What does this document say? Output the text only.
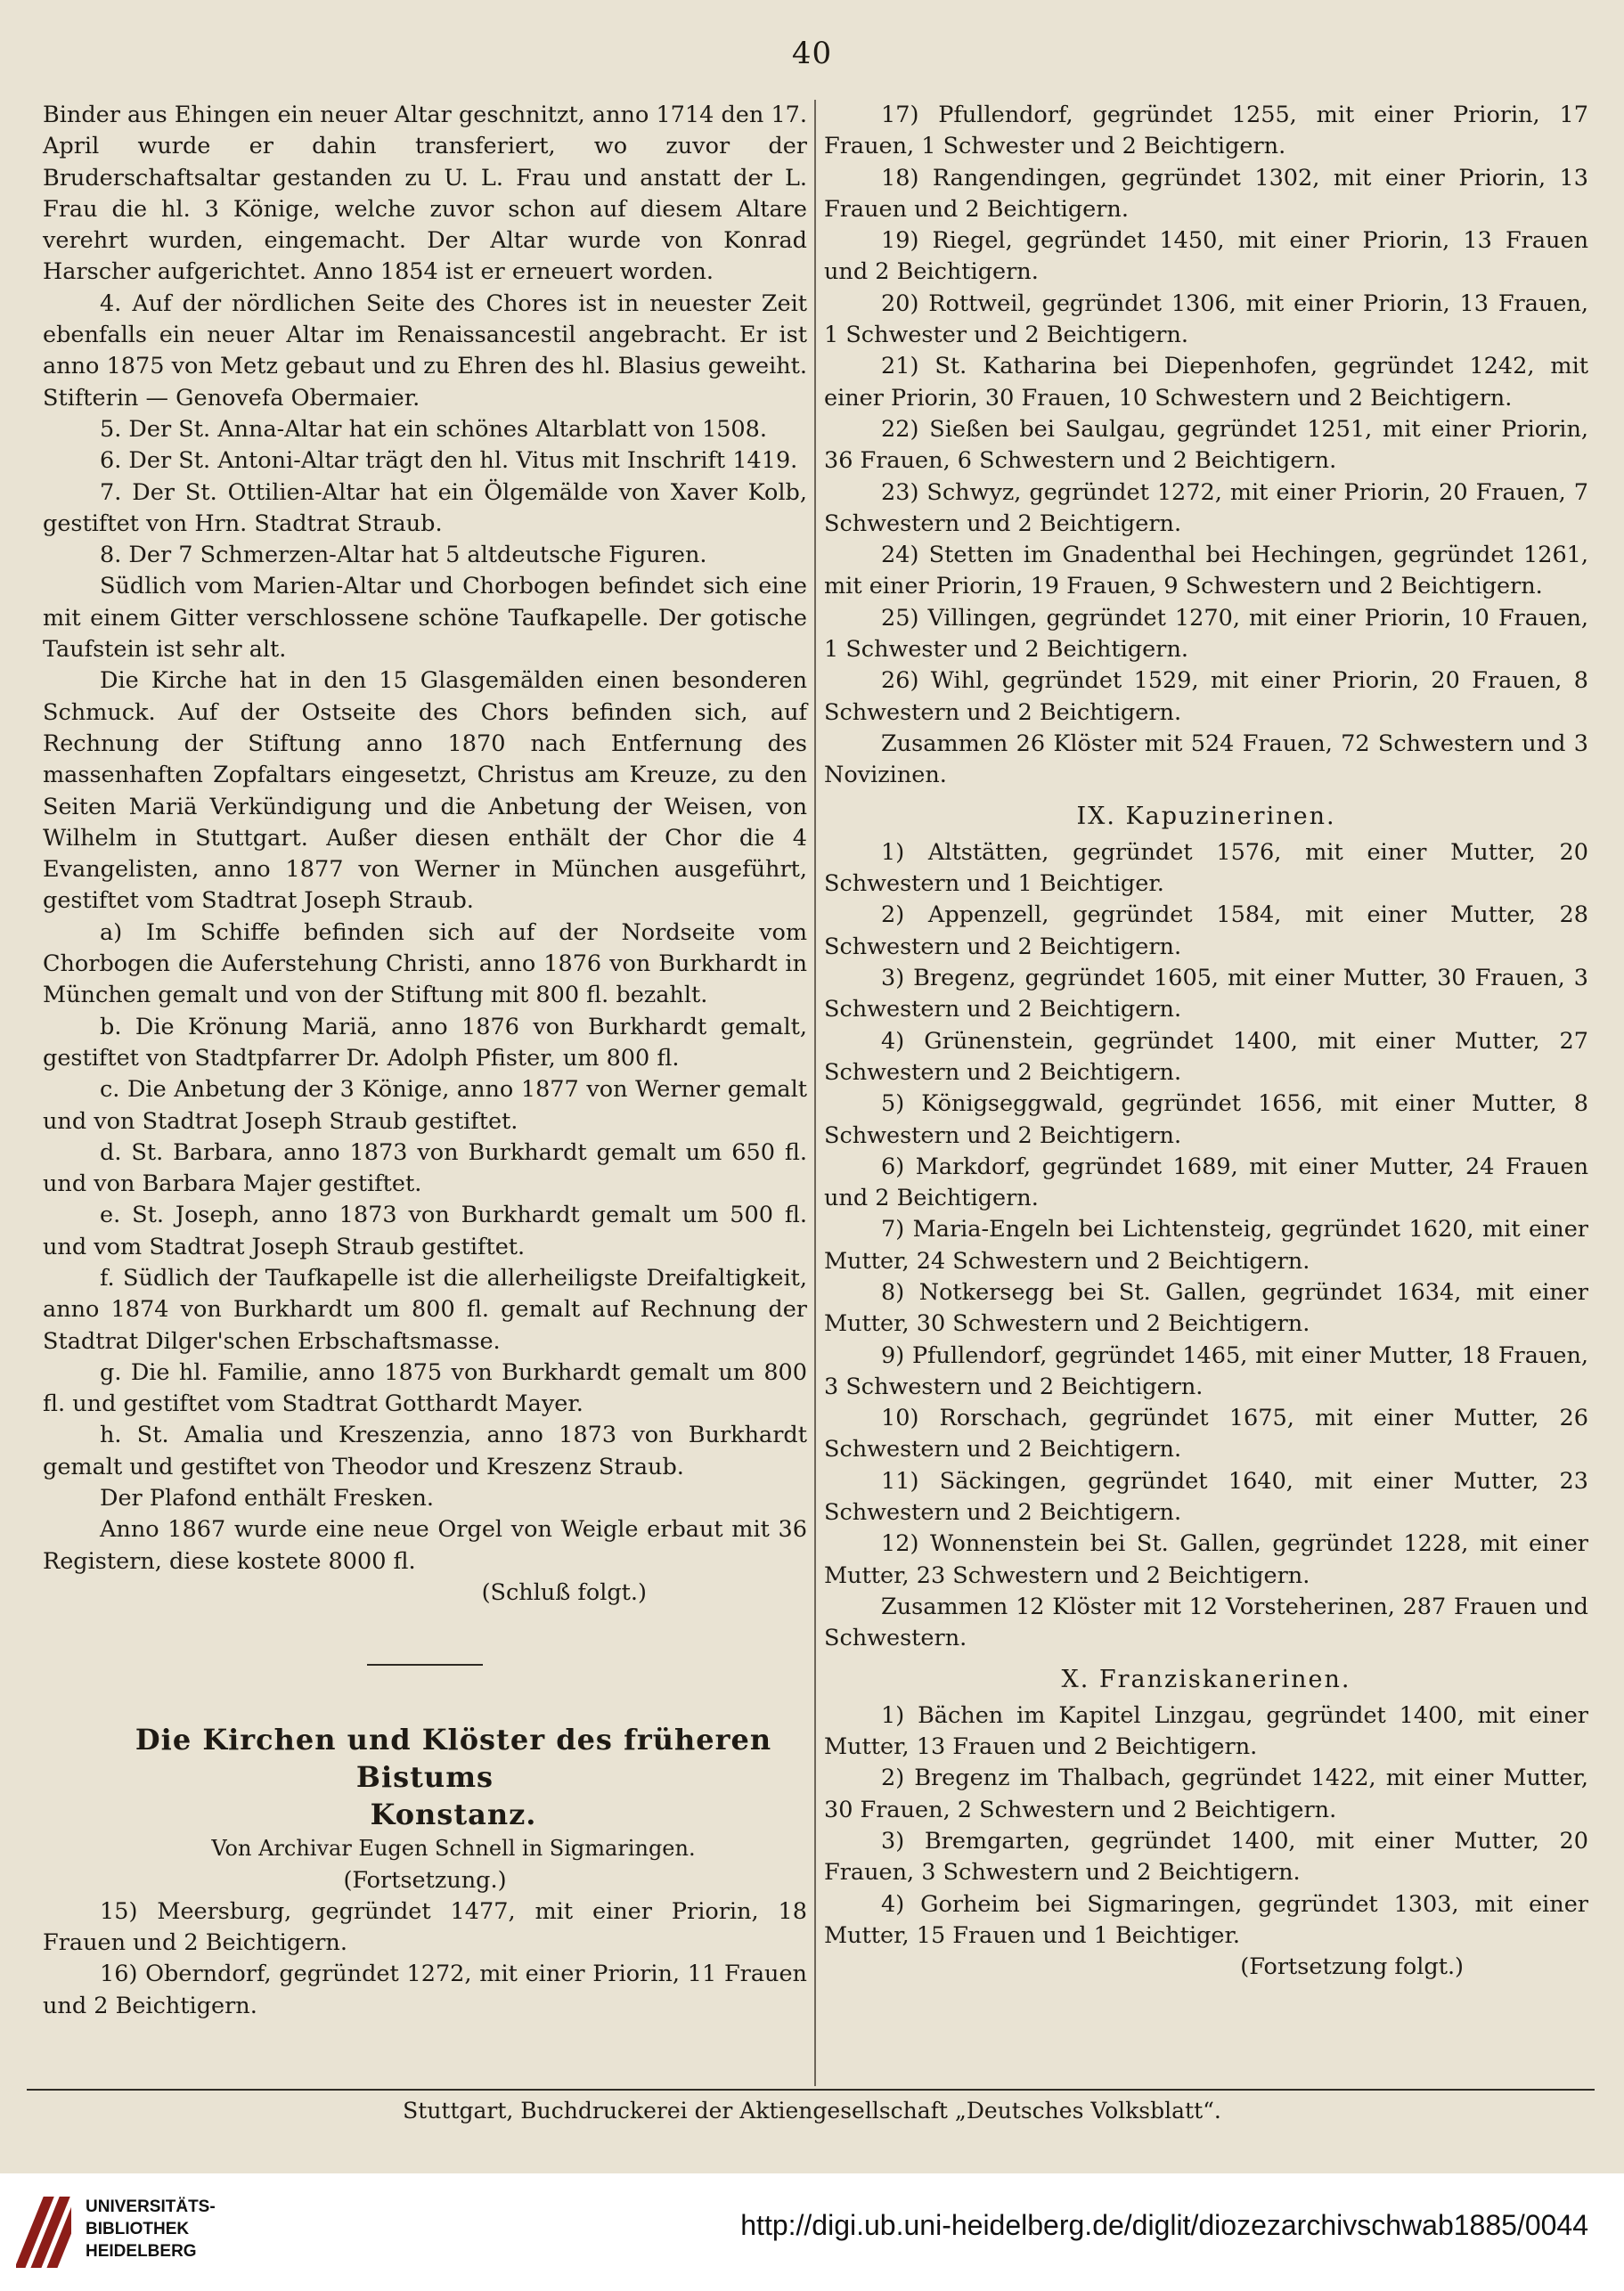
40

Binder aus Ehingen ein neuer Altar geschnitzt, anno 1714 den 17. April wurde er dahin transferiert, wo zuvor der Bruderschaftsaltar gestanden zu U. L. Frau und anstatt der L. Frau die hl. 3 Könige, welche zuvor schon auf diesem Altare verehrt wurden, eingemacht. Der Altar wurde von Konrad Harscher aufgerichtet. Anno 1854 ist er erneuert worden.

4. Auf der nördlichen Seite des Chores ist in neuester Zeit ebenfalls ein neuer Altar im Renaissancestil angebracht. Er ist anno 1875 von Metz gebaut und zu Ehren des hl. Blasius geweiht. Stifterin — Genovefa Obermaier.

5. Der St. Anna-Altar hat ein schönes Altarblatt von 1508.

6. Der St. Antoni-Altar trägt den hl. Vitus mit Inschrift 1419.

7. Der St. Ottilien-Altar hat ein Ölgemälde von Xaver Kolb, gestiftet von Hrn. Stadtrat Straub.

8. Der 7 Schmerzen-Altar hat 5 altdeutsche Figuren.

Südlich vom Marien-Altar und Chorbogen befindet sich eine mit einem Gitter verschlossene schöne Taufkapelle. Der gotische Taufstein ist sehr alt.

Die Kirche hat in den 15 Glasgemälden einen besonderen Schmuck. Auf der Ostseite des Chors befinden sich, auf Rechnung der Stiftung anno 1870 nach Entfernung des massenhaften Zopfaltars eingesetzt, Christus am Kreuze, zu den Seiten Mariä Verkündigung und die Anbetung der Weisen, von Wilhelm in Stuttgart. Außer diesen enthält der Chor die 4 Evangelisten, anno 1877 von Werner in München ausgeführt, gestiftet vom Stadtrat Joseph Straub.

a) Im Schiffe befinden sich auf der Nordseite vom Chorbogen die Auferstehung Christi, anno 1876 von Burkhardt in München gemalt und von der Stiftung mit 800 fl. bezahlt.

b. Die Krönung Mariä, anno 1876 von Burkhardt gemalt, gestiftet von Stadtpfarrer Dr. Adolph Pfister, um 800 fl.

c. Die Anbetung der 3 Könige, anno 1877 von Werner gemalt und von Stadtrat Joseph Straub gestiftet.

d. St. Barbara, anno 1873 von Burkhardt gemalt um 650 fl. und von Barbara Majer gestiftet.

e. St. Joseph, anno 1873 von Burkhardt gemalt um 500 fl. und vom Stadtrat Joseph Straub gestiftet.

f. Südlich der Taufkapelle ist die allerheiligste Dreifaltigkeit, anno 1874 von Burkhardt um 800 fl. gemalt auf Rechnung der Stadtrat Dilger'schen Erbschaftsmasse.

g. Die hl. Familie, anno 1875 von Burkhardt gemalt um 800 fl. und gestiftet vom Stadtrat Gotthardt Mayer.

h. St. Amalia und Kreszenzia, anno 1873 von Burkhardt gemalt und gestiftet von Theodor und Kreszenz Straub.

Der Plafond enthält Fresken.

Anno 1867 wurde eine neue Orgel von Weigle erbaut mit 36 Registern, diese kostete 8000 fl.

(Schluß folgt.)

Die Kirchen und Klöster des früheren Bistums

Konstanz.

Von Archivar Eugen Schnell in Sigmaringen.

(Fortsetzung.)

15) Meersburg, gegründet 1477, mit einer Priorin, 18 Frauen und 2 Beichtigern.

16) Oberndorf, gegründet 1272, mit einer Priorin, 11 Frauen und 2 Beichtigern.

17) Pfullendorf, gegründet 1255, mit einer Priorin, 17 Frauen, 1 Schwester und 2 Beichtigern.

18) Rangendingen, gegründet 1302, mit einer Priorin, 13 Frauen und 2 Beichtigern.

19) Riegel, gegründet 1450, mit einer Priorin, 13 Frauen und 2 Beichtigern.

20) Rottweil, gegründet 1306, mit einer Priorin, 13 Frauen, 1 Schwester und 2 Beichtigern.

21) St. Katharina bei Diepenhofen, gegründet 1242, mit einer Priorin, 30 Frauen, 10 Schwestern und 2 Beichtigern.

22) Sießen bei Saulgau, gegründet 1251, mit einer Priorin, 36 Frauen, 6 Schwestern und 2 Beichtigern.

23) Schwyz, gegründet 1272, mit einer Priorin, 20 Frauen, 7 Schwestern und 2 Beichtigern.

24) Stetten im Gnadenthal bei Hechingen, gegründet 1261, mit einer Priorin, 19 Frauen, 9 Schwestern und 2 Beichtigern.

25) Villingen, gegründet 1270, mit einer Priorin, 10 Frauen, 1 Schwester und 2 Beichtigern.

26) Wihl, gegründet 1529, mit einer Priorin, 20 Frauen, 8 Schwestern und 2 Beichtigern.

Zusammen 26 Klöster mit 524 Frauen, 72 Schwestern und 3 Novizinen.

IX. Kapuzinerinen.

1) Altstätten, gegründet 1576, mit einer Mutter, 20 Schwestern und 1 Beichtiger.

2) Appenzell, gegründet 1584, mit einer Mutter, 28 Schwestern und 2 Beichtigern.

3) Bregenz, gegründet 1605, mit einer Mutter, 30 Frauen, 3 Schwestern und 2 Beichtigern.

4) Grünenstein, gegründet 1400, mit einer Mutter, 27 Schwestern und 2 Beichtigern.

5) Königseggwald, gegründet 1656, mit einer Mutter, 8 Schwestern und 2 Beichtigern.

6) Markdorf, gegründet 1689, mit einer Mutter, 24 Frauen und 2 Beichtigern.

7) Maria-Engeln bei Lichtensteig, gegründet 1620, mit einer Mutter, 24 Schwestern und 2 Beichtigern.

8) Notkersegg bei St. Gallen, gegründet 1634, mit einer Mutter, 30 Schwestern und 2 Beichtigern.

9) Pfullendorf, gegründet 1465, mit einer Mutter, 18 Frauen, 3 Schwestern und 2 Beichtigern.

10) Rorschach, gegründet 1675, mit einer Mutter, 26 Schwestern und 2 Beichtigern.

11) Säckingen, gegründet 1640, mit einer Mutter, 23 Schwestern und 2 Beichtigern.

12) Wonnenstein bei St. Gallen, gegründet 1228, mit einer Mutter, 23 Schwestern und 2 Beichtigern.

Zusammen 12 Klöster mit 12 Vorsteherinen, 287 Frauen und Schwestern.

X. Franziskanerinen.

1) Bächen im Kapitel Linzgau, gegründet 1400, mit einer Mutter, 13 Frauen und 2 Beichtigern.

2) Bregenz im Thalbach, gegründet 1422, mit einer Mutter, 30 Frauen, 2 Schwestern und 2 Beichtigern.

3) Bremgarten, gegründet 1400, mit einer Mutter, 20 Frauen, 3 Schwestern und 2 Beichtigern.

4) Gorheim bei Sigmaringen, gegründet 1303, mit einer Mutter, 15 Frauen und 1 Beichtiger.

(Fortsetzung folgt.)

Stuttgart, Buchdruckerei der Aktiengesellschaft „Deutsches Volksblatt“.
UNIVERSITÄTS-
BIBLIOTHEK
HEIDELBERG
http://digi.ub.uni-heidelberg.de/diglit/diozezarchivschwab1885/0044
